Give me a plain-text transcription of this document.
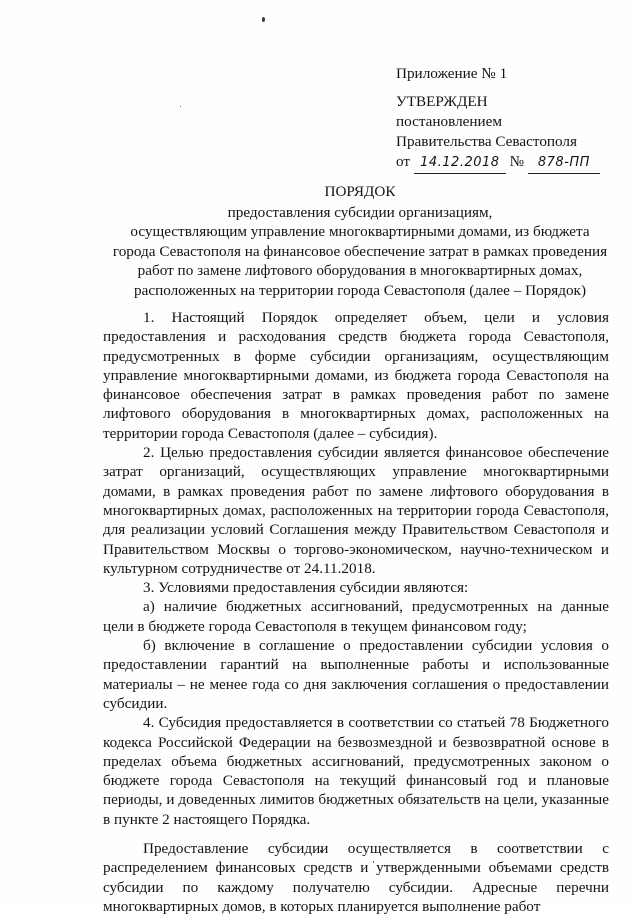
Приложение № 1
УТВЕРЖДЕН
постановлением
Правительства Севастополя
от 14.12.2018 № 878-ПП
ПОРЯДОК
предоставления субсидии организациям,
осуществляющим управление многоквартирными домами, из бюджета
города Севастополя на финансовое обеспечение затрат в рамках проведения
работ по замене лифтового оборудования в многоквартирных домах,
расположенных на территории города Севастополя (далее – Порядок)

1. Настоящий Порядок определяет объем, цели и условия предоставления и расходования средств бюджета города Севастополя, предусмотренных в форме субсидии организациям, осуществляющим управление многоквартирными домами, из бюджета города Севастополя на финансовое обеспечения затрат в рамках проведения работ по замене лифтового оборудования в многоквартирных домах, расположенных на территории города Севастополя (далее – субсидия).

2. Целью предоставления субсидии является финансовое обеспечение затрат организаций, осуществляющих управление многоквартирными домами, в рамках проведения работ по замене лифтового оборудования в многоквартирных домах, расположенных на территории города Севастополя, для реализации условий Соглашения между Правительством Севастополя и Правительством Москвы о торгово-экономическом, научно-техническом и культурном сотрудничестве от 24.11.2018.

3. Условиями предоставления субсидии являются:

а) наличие бюджетных ассигнований, предусмотренных на данные цели в бюджете города Севастополя в текущем финансовом году;

б) включение в соглашение о предоставлении субсидии условия о предоставлении гарантий на выполненные работы и использованные материалы – не менее года со дня заключения соглашения о предоставлении субсидии.

4. Субсидия предоставляется в соответствии со статьей 78 Бюджетного кодекса Российской Федерации на безвозмездной и безвозвратной основе в пределах объема бюджетных ассигнований, предусмотренных законом о бюджете города Севастополя на текущий финансовый год и плановые периоды, и доведенных лимитов бюджетных обязательств на цели, указанные в пункте 2 настоящего Порядка.

Предоставление субсидии осуществляется в соответствии с распределением финансовых средств и утвержденными объемами средств субсидии по каждому получателю субсидии. Адресные перечни многоквартирных домов, в которых планируется выполнение работ
